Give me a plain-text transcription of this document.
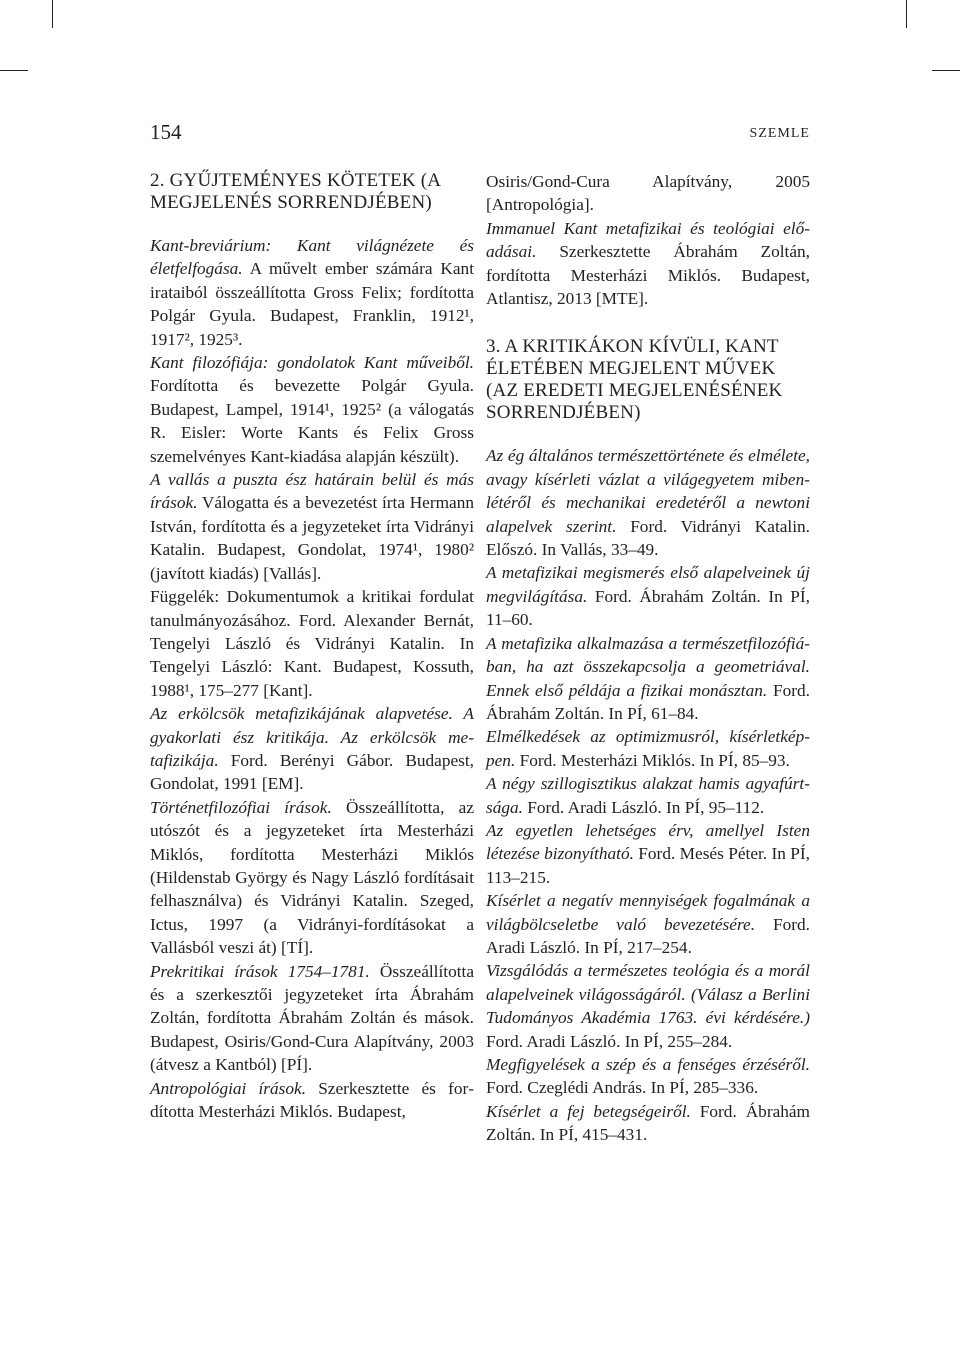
154	SZEMLE
2. GYŰJTEMÉNYES KÖTETEK (A MEGJELENÉS SORRENDJÉBEN)

Kant-breviárium: Kant világnézete és életfelfogása. A művelt ember számára Kant irataiból összeállította Gross Felix; fordította Polgár Gyula. Budapest, Franklin, 1912¹, 1917², 1925³.

Kant filozófiája: gondolatok Kant műveiből. Fordította és bevezette Polgár Gyula. Budapest, Lampel, 1914¹, 1925² (a válogatás R. Eisler: Worte Kants és Felix Gross szemelvényes Kant-kiadása alapján készült).

A vallás a puszta ész határain belül és más írások. Válogatta és a bevezetést írta Hermann István, fordította és a jegyzeteket írta Vidrányi Katalin. Budapest, Gondolat, 1974¹, 1980² (javított kiadás) [Vallás].

Függelék: Dokumentumok a kritikai fordulat tanulmányozásához. Ford. Alexander Bernát, Tengelyi László és Vidrányi Katalin. In Tengelyi László: Kant. Budapest, Kossuth, 1988¹, 175–277 [Kant].

Az erkölcsök metafizikájának alapvetése. A gyakorlati ész kritikája. Az erkölcsök metafizikája. Ford. Berényi Gábor. Budapest, Gondolat, 1991 [EM].

Történetfilozófiai írások. Összeállította, az utószót és a jegyzeteket írta Mesterházi Miklós, fordította Mesterházi Miklós (Hildenstab György és Nagy László fordításait felhasználva) és Vidrányi Katalin. Szeged, Ictus, 1997 (a Vidrányi-fordításokat a Vallásból veszi át) [TÍ].

Prekritikai írások 1754–1781. Összeállította és a szerkesztői jegyzeteket írta Ábrahám Zoltán, fordította Ábrahám Zoltán és mások. Budapest, Osiris/Gond-Cura Alapítvány, 2003 (átvesz a Kantból) [PÍ].

Antropológiai írások. Szerkesztette és fordította Mesterházi Miklós. Budapest,

Osiris/Gond-Cura Alapítvány, 2005 [Antropológia].

Immanuel Kant metafizikai és teológiai előadásai. Szerkesztette Ábrahám Zoltán, fordította Mesterházi Miklós. Budapest, Atlantisz, 2013 [MTE].

3. A KRITIKÁKON KÍVÜLI, KANT ÉLETÉBEN MEGJELENT MŰVEK (AZ EREDETI MEGJELENÉSÉNEK SORRENDJÉBEN)

Az ég általános természettörténete és elmélete, avagy kísérleti vázlat a világegyetem mibenlétéről és mechanikai eredetéről a newtoni alapelvek szerint. Ford. Vidrányi Katalin. Előszó. In Vallás, 33–49.

A metafizikai megismerés első alapelveinek új megvilágítása. Ford. Ábrahám Zoltán. In PÍ, 11–60.

A metafizika alkalmazása a természetfilozófiában, ha azt összekapcsolja a geometriával. Ennek első példája a fizikai monásztan. Ford. Ábrahám Zoltán. In PÍ, 61–84.

Elmélkedések az optimizmusról, kísérletképpen. Ford. Mesterházi Miklós. In PÍ, 85–93.

A négy szillogisztikus alakzat hamis agyafúrtsága. Ford. Aradi László. In PÍ, 95–112.

Az egyetlen lehetséges érv, amellyel Isten létezése bizonyítható. Ford. Mesés Péter. In PÍ, 113–215.

Kísérlet a negatív mennyiségek fogalmának a világbölcseletbe való bevezetésére. Ford. Aradi László. In PÍ, 217–254.

Vizsgálódás a természetes teológia és a morál alapelveinek világosságáról. (Válasz a Berlini Tudományos Akadémia 1763. évi kérdésére.) Ford. Aradi László. In PÍ, 255–284.

Megfigyelések a szép és a fenséges érzéséről. Ford. Czeglédi András. In PÍ, 285–336.

Kísérlet a fej betegségeiről. Ford. Ábrahám Zoltán. In PÍ, 415–431.
